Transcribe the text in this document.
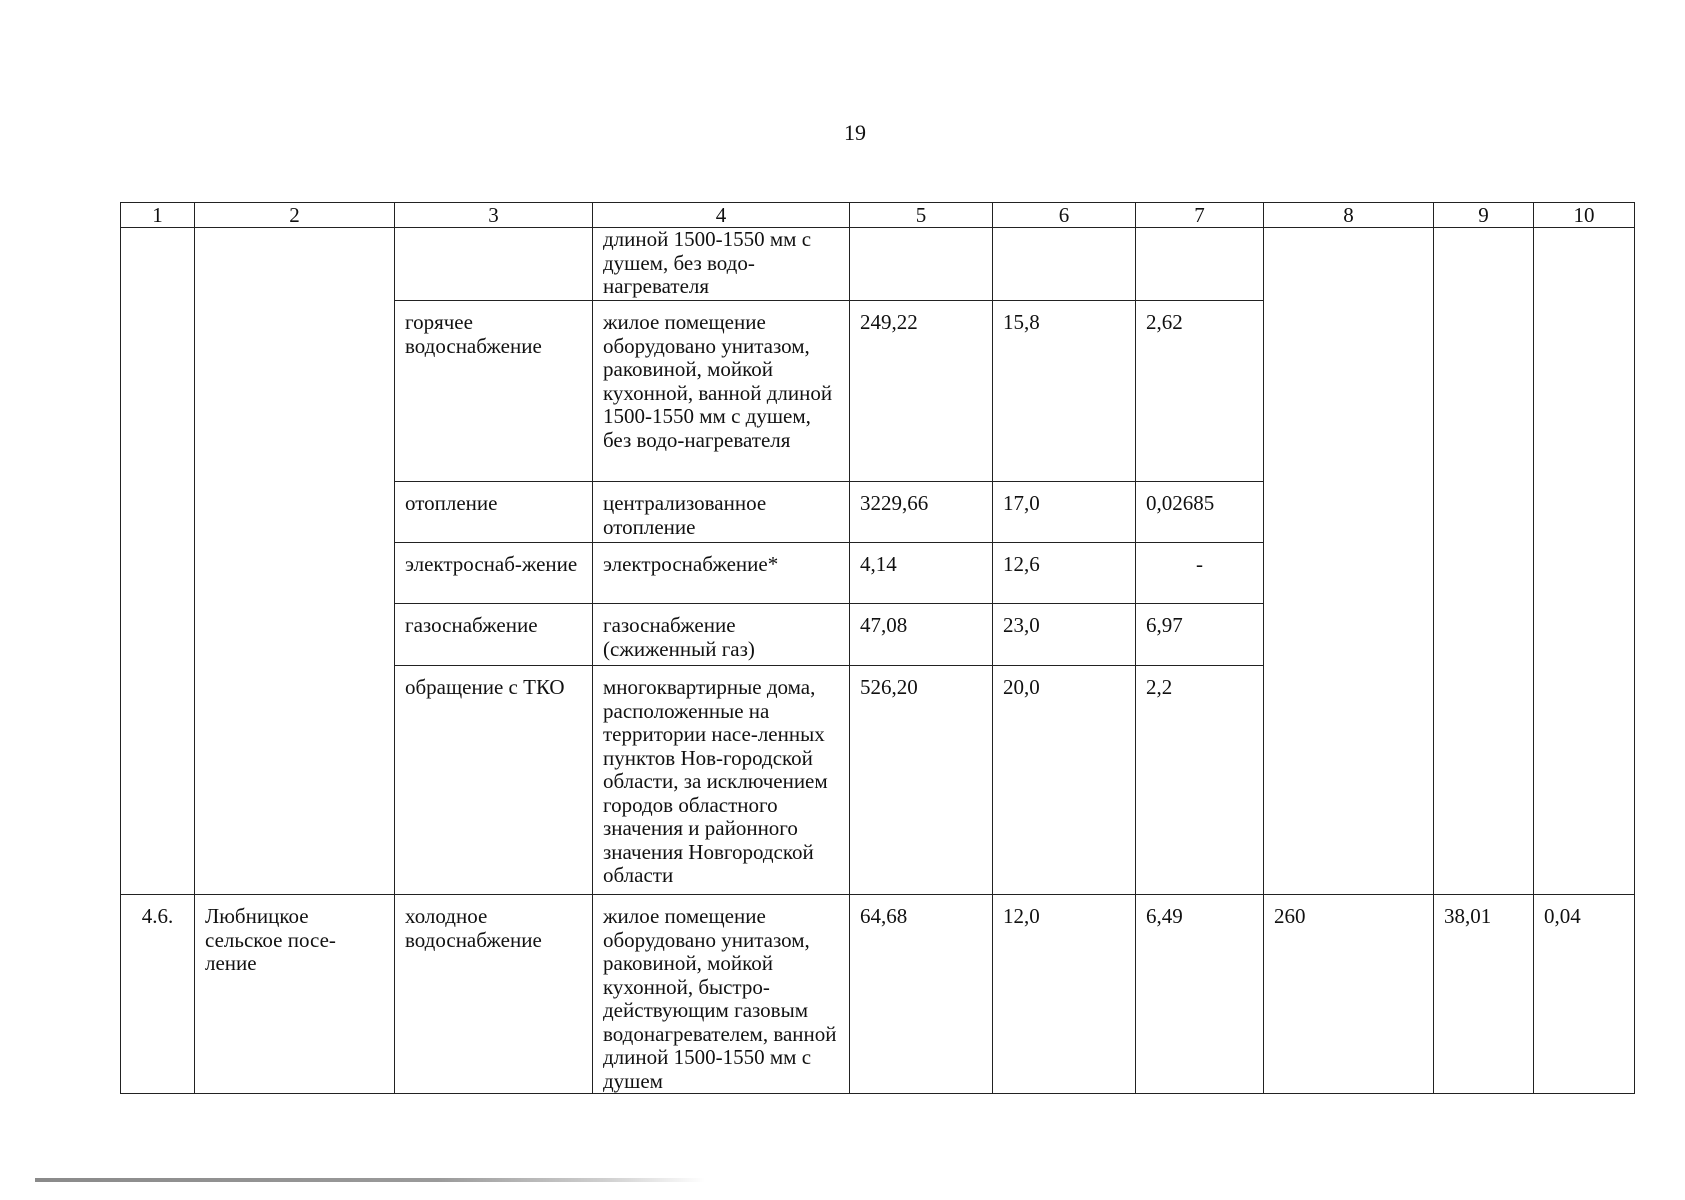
19
1	2	3	4	5	6	7	8	9	10
			длиной 1500-1550 мм с душем, без водо-нагревателя						
		горячее водоснабжение	жилое помещение оборудовано унитазом, раковиной, мойкой кухонной, ванной длиной 1500-1550 мм с душем, без водо-нагревателя	249,22	15,8	2,62			
		отопление	централизованное отопление	3229,66	17,0	0,02685			
		электроснаб-жение	электроснабжение*	4,14	12,6	-			
		газоснабжение	газоснабжение (сжиженный газ)	47,08	23,0	6,97			
		обращение с ТКО	многоквартирные дома, расположенные на территории насе-ленных пунктов Нов-городской области, за исключением городов областного значения и районного значения Новгородской области	526,20	20,0	2,2			
4.6.	Любницкое сельское посе-ление	холодное водоснабжение	жилое помещение оборудовано унитазом, раковиной, мойкой кухонной, быстро-действующим газовым водонагревателем, ванной длиной 1500-1550 мм с душем	64,68	12,0	6,49	260	38,01	0,04
